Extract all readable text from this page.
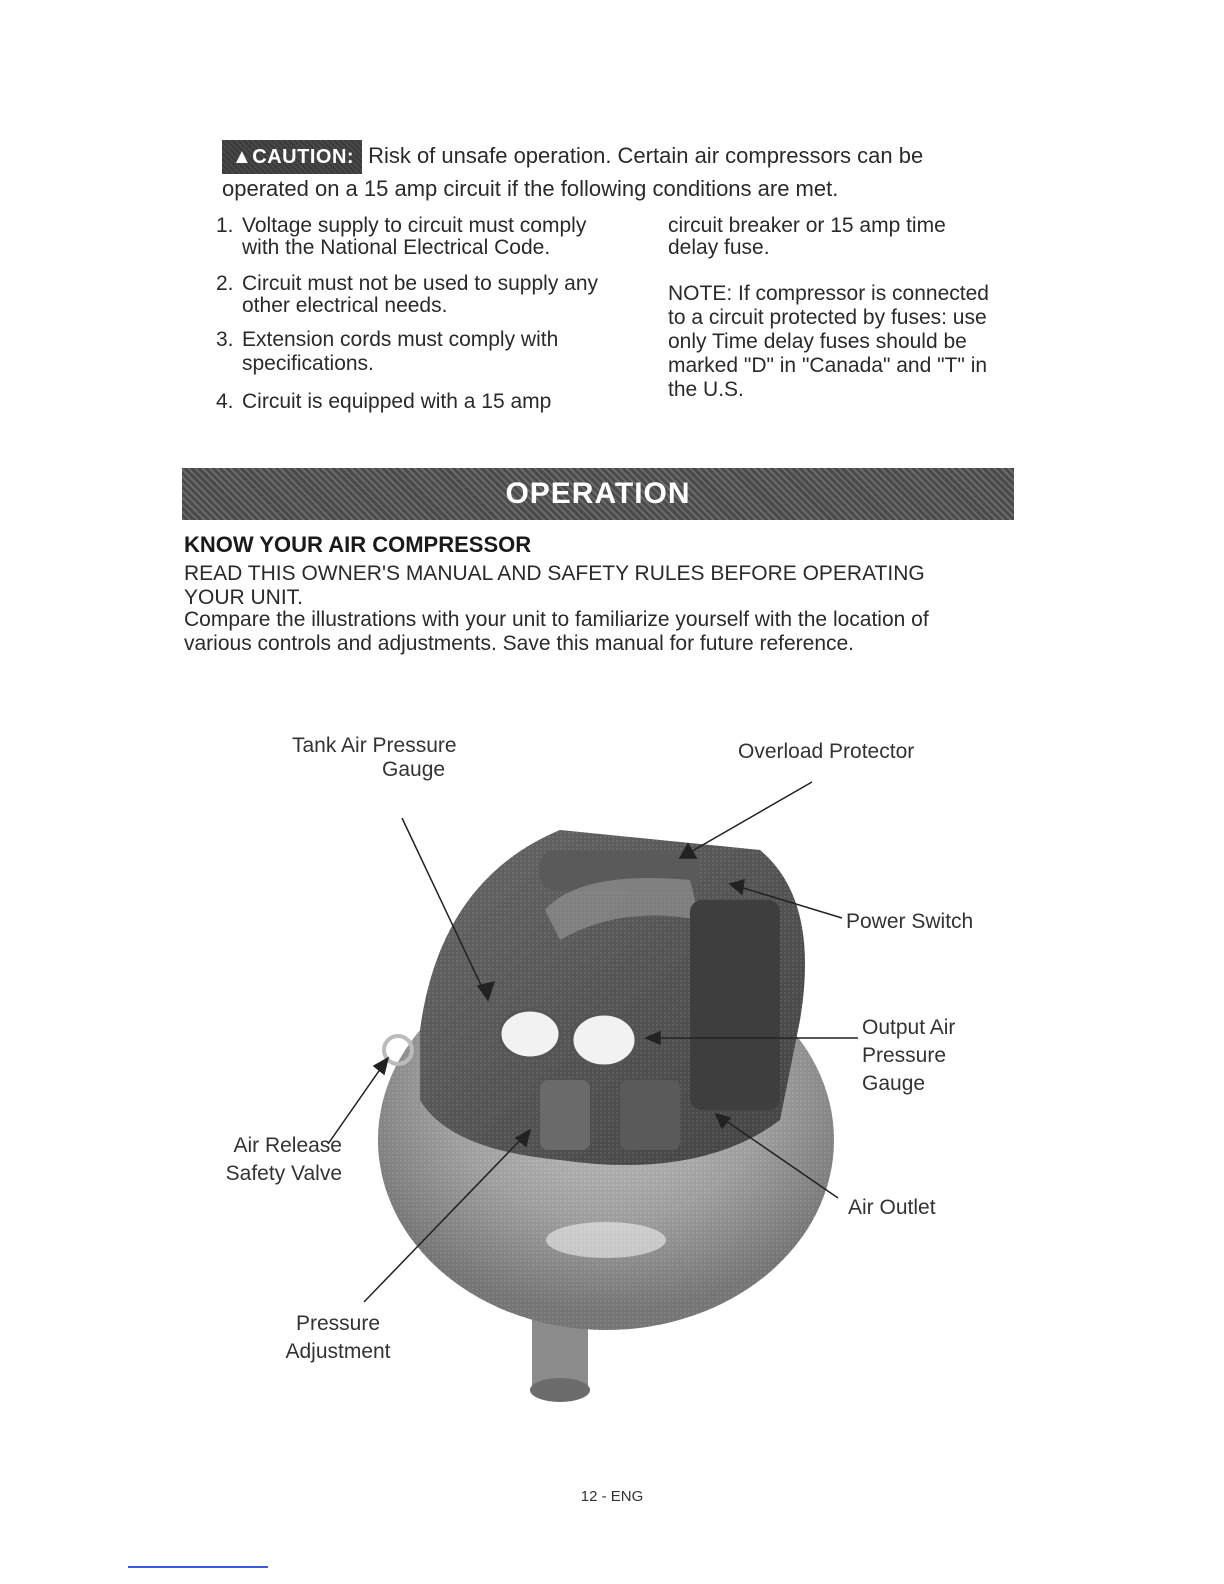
▲CAUTION: Risk of unsafe operation. Certain air compressors can be
operated on a 15 amp circuit if the following conditions are met.
1. Voltage supply to circuit must comply
with the National Electrical Code.
2. Circuit must not be used to supply any
other electrical needs.
3. Extension cords must comply with
specifications.
4. Circuit is equipped with a 15 amp
circuit breaker or 15 amp time
delay fuse.
NOTE: If compressor is connected
to a circuit protected by fuses: use
only Time delay fuses should be
marked "D" in "Canada" and "T" in
the U.S.
OPERATION
KNOW YOUR AIR COMPRESSOR
READ THIS OWNER'S MANUAL AND SAFETY RULES BEFORE OPERATING
YOUR UNIT.
Compare the illustrations with your unit to familiarize yourself with the location of
various controls and adjustments. Save this manual for future reference.
Tank Air Pressure
Gauge
Overload Protector
Power Switch
Output Air
Pressure
Gauge
Air Release
Safety Valve
Air Outlet
Pressure
Adjustment
12 - ENG
